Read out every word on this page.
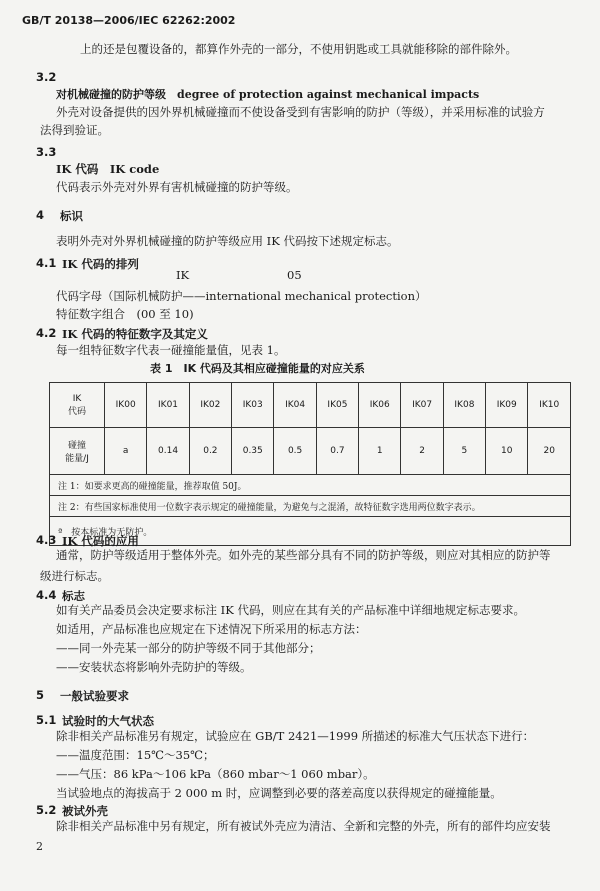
GB/T 20138—2006/IEC 62262:2002
上的还是包覆设备的，都算作外壳的一部分，不使用钥匙或工具就能移除的部件除外。
3.2
对机械碰撞的防护等级　degree of protection against mechanical impacts
外壳对设备提供的因外界机械碰撞而不使设备受到有害影响的防护（等级），并采用标准的试验方
法得到验证。
3.3
IK 代码　IK code
代码表示外壳对外界有害机械碰撞的防护等级。
4 标识
表明外壳对外界机械碰撞的防护等级应用 IK 代码按下述规定标志。
4.1 IK 代码的排列
IK	05
代码字母（国际机械防护——international mechanical protection）
特征数字组合　(00 至 10)
4.2 IK 代码的特征数字及其定义
每一组特征数字代表一碰撞能量值，见表 1。
表 1　IK 代码及其相应碰撞能量的对应关系
IK
代码	IK00	IK01	IK02	IK03	IK04	IK05	IK06	IK07	IK08	IK09	IK10

碰撞
能量/J	a	0.14	0.2	0.35	0.5	0.7	1	2	5	10	20
注 1：如要求更高的碰撞能量，推荐取值 50J。											
注 2：有些国家标准使用一位数字表示规定的碰撞能量，为避免与之混淆，故特征数字选用两位数字表示。											
ª　按本标准为无防护。											
4.3 IK 代码的应用
通常，防护等级适用于整体外壳。如外壳的某些部分具有不同的防护等级，则应对其相应的防护等
级进行标志。
4.4 标志
如有关产品委员会决定要求标注 IK 代码，则应在其有关的产品标准中详细地规定标志要求。
如适用，产品标准也应规定在下述情况下所采用的标志方法：
——同一外壳某一部分的防护等级不同于其他部分；
——安装状态将影响外壳防护的等级。
5 一般试验要求
5.1 试验时的大气状态
除非相关产品标准另有规定，试验应在 GB/T 2421—1999 所描述的标准大气压状态下进行：
——温度范围：15℃～35℃；
——气压：86 kPa～106 kPa（860 mbar～1 060 mbar）。
当试验地点的海拔高于 2 000 m 时，应调整到必要的落差高度以获得规定的碰撞能量。
5.2 被试外壳
除非相关产品标准中另有规定，所有被试外壳应为清洁、全新和完整的外壳，所有的部件均应安装
2
